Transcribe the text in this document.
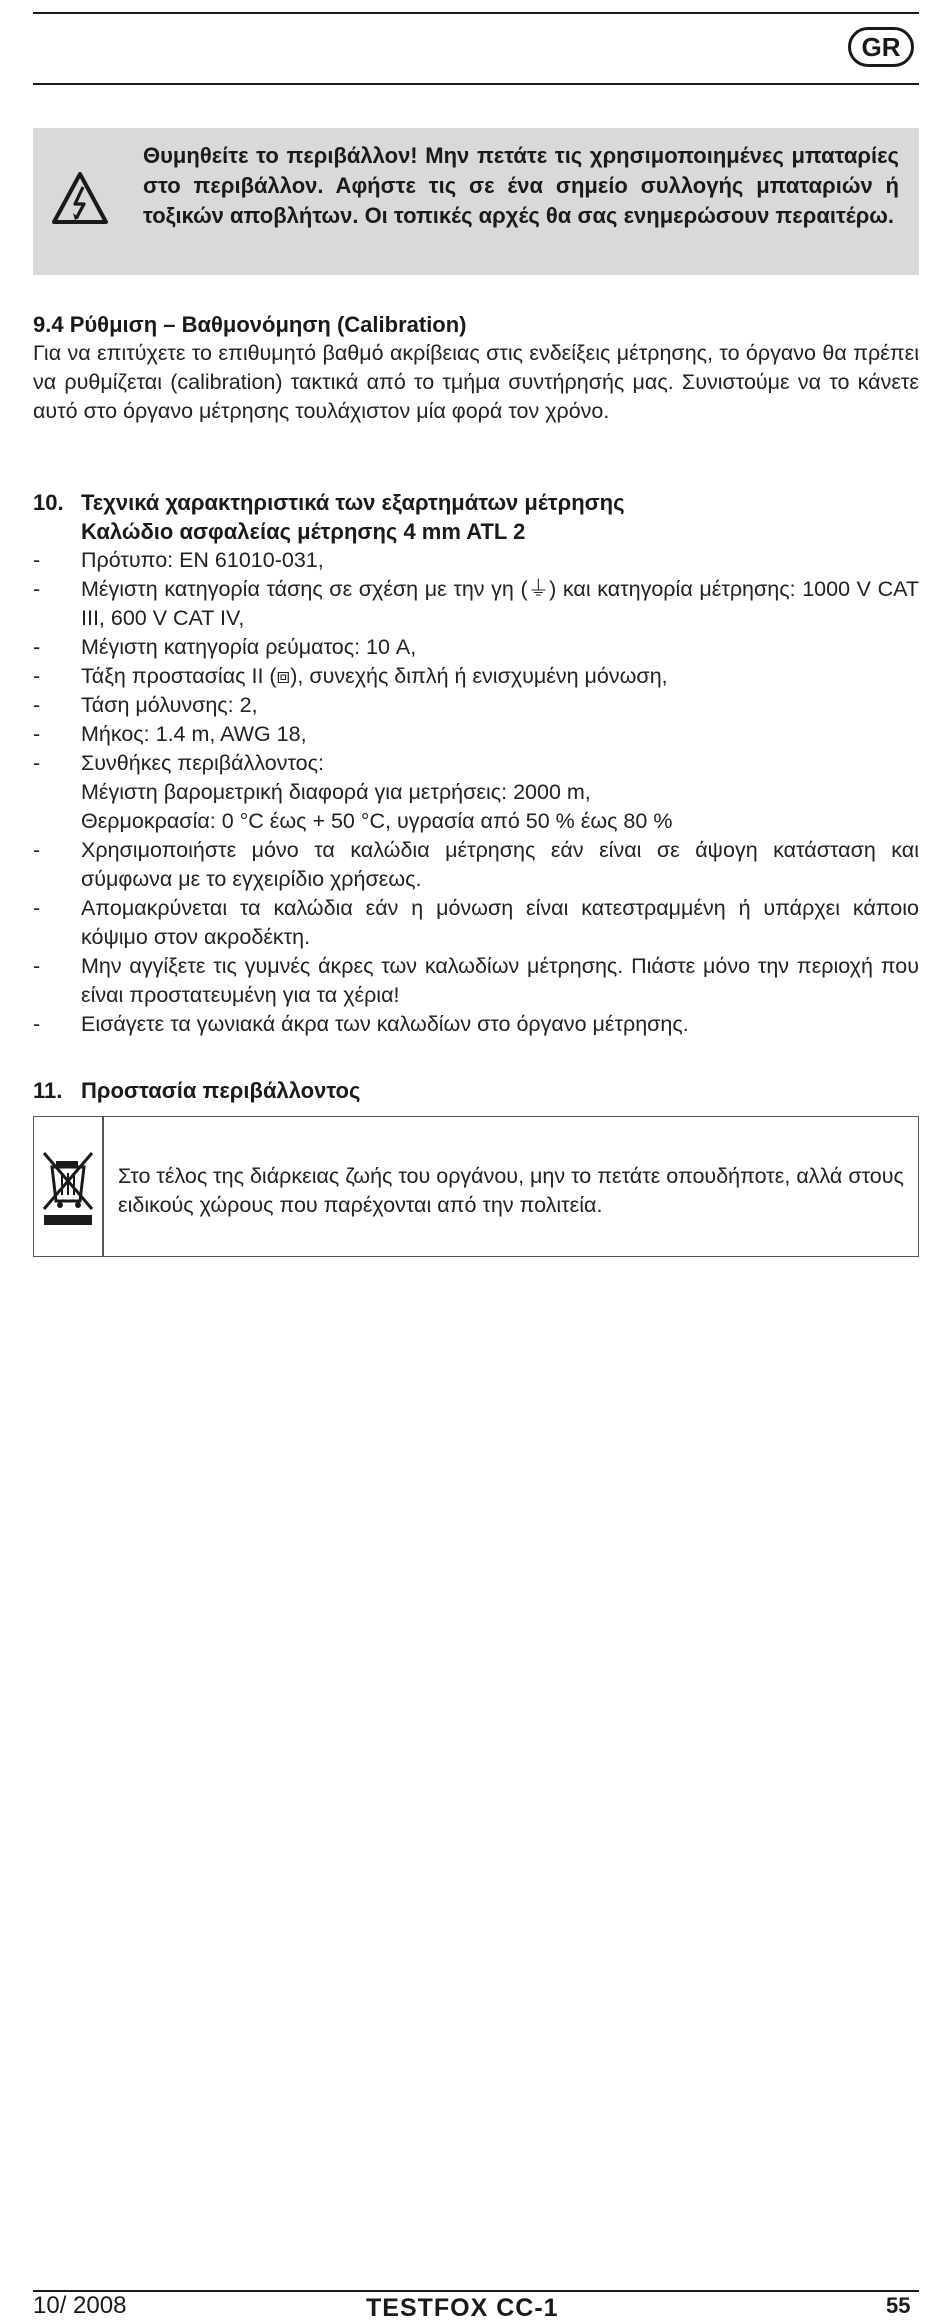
GR
Θυμηθείτε το περιβάλλον! Μην πετάτε τις χρησιμοποιημένες μπαταρίες στο περιβάλλον. Αφήστε τις σε ένα σημείο συλλογής μπαταριών ή τοξικών αποβλήτων. Οι τοπικές αρχές θα σας ενημερώσουν περαιτέρω.
9.4 Ρύθμιση – Βαθμονόμηση (Calibration)
Για να επιτύχετε το επιθυμητό βαθμό ακρίβειας στις ενδείξεις μέτρησης, το όργανο θα πρέπει να ρυθμίζεται (calibration) τακτικά από το τμήμα συντήρησής μας. Συνιστούμε να το κάνετε αυτό στο όργανο μέτρησης τουλάχιστον μία φορά τον χρόνο.
10. Τεχνικά χαρακτηριστικά των εξαρτημάτων μέτρησης
Καλώδιο ασφαλείας μέτρησης 4 mm ATL 2
- Πρότυπο: EN 61010-031,
- Μέγιστη κατηγορία τάσης σε σχέση με την γη (⏚) και κατηγορία μέτρησης: 1000 V CAT III, 600 V CAT IV,
- Μέγιστη κατηγορία ρεύματος: 10 A,
- Τάξη προστασίας II (⧈), συνεχής διπλή ή ενισχυμένη μόνωση,
- Τάση μόλυνσης: 2,
- Μήκος: 1.4 m, AWG 18,
- Συνθήκες περιβάλλοντος:
Μέγιστη βαρομετρική διαφορά για μετρήσεις: 2000 m,
Θερμοκρασία: 0 °C έως + 50 °C, υγρασία από 50 % έως 80 %
- Χρησιμοποιήστε μόνο τα καλώδια μέτρησης εάν είναι σε άψογη κατάσταση και σύμφωνα με το εγχειρίδιο χρήσεως.
- Απομακρύνεται τα καλώδια εάν η μόνωση είναι κατεστραμμένη ή υπάρχει κάποιο κόψιμο στον ακροδέκτη.
- Μην αγγίξετε τις γυμνές άκρες των καλωδίων μέτρησης. Πιάστε μόνο την περιοχή που είναι προστατευμένη για τα χέρια!
- Εισάγετε τα γωνιακά άκρα των καλωδίων στο όργανο μέτρησης.
11. Προστασία περιβάλλοντος
Στο τέλος της διάρκειας ζωής του οργάνου, μην το πετάτε οπουδήποτε, αλλά στους ειδικούς χώρους που παρέχονται από την πολιτεία.
10/ 2008	TESTFOX CC-1	55
